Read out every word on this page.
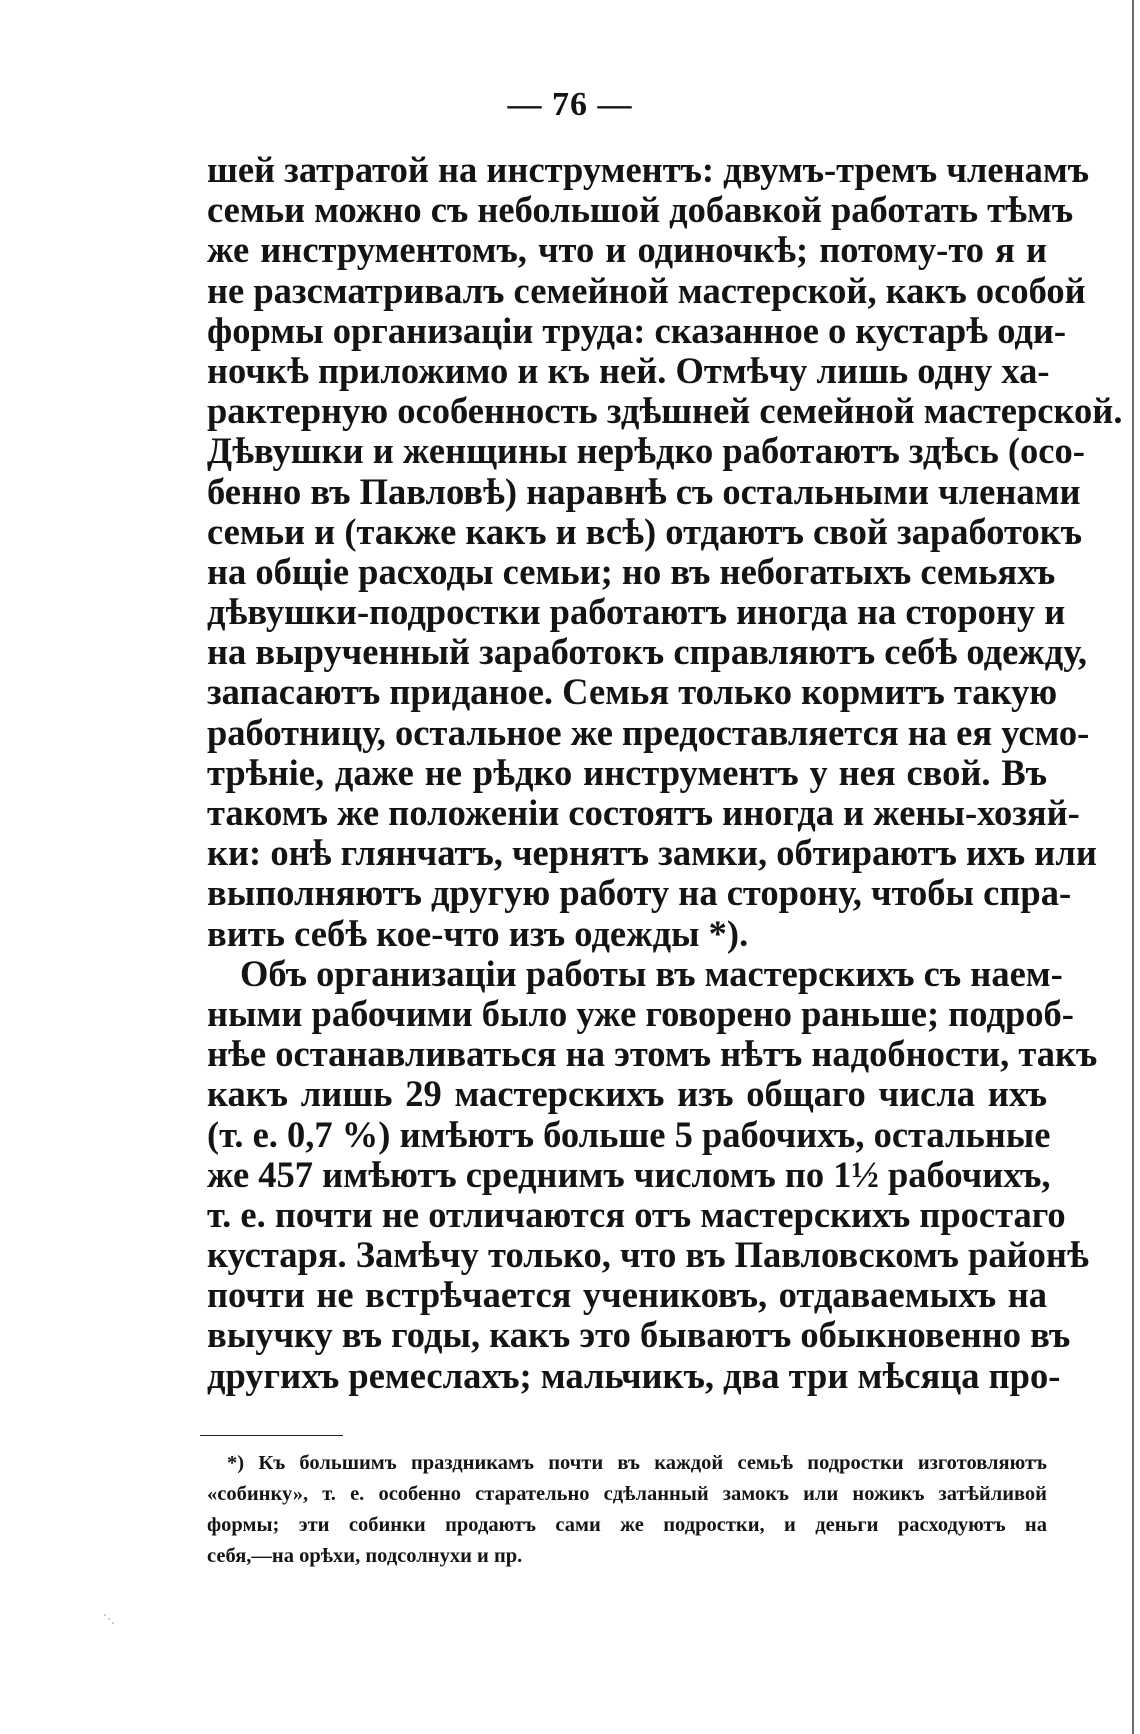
— 76 —
шей затратой на инструментъ: двумъ-тремъ членамъ
семьи можно съ небольшой добавкой работать тѣмъ
же инструментомъ, что и одиночкѣ; потому-то я и
не разсматривалъ семейной мастерской, какъ особой
формы организаціи труда: сказанное о кустарѣ оди-
ночкѣ приложимо и къ ней. Отмѣчу лишь одну ха-
рактерную особенность здѣшней семейной мастерской.
Дѣвушки и женщины нерѣдко работаютъ здѣсь (осо-
бенно въ Павловѣ) наравнѣ съ остальными членами
семьи и (также какъ и всѣ) отдаютъ свой заработокъ
на общіе расходы семьи; но въ небогатыхъ семьяхъ
дѣвушки-подростки работаютъ иногда на сторону и
на вырученный заработокъ справляютъ себѣ одежду,
запасаютъ приданое. Семья только кормитъ такую
работницу, остальное же предоставляется на ея усмо-
трѣніе, даже не рѣдко инструментъ у нея свой. Въ
такомъ же положеніи состоятъ иногда и жены-хозяй-
ки: онѣ глянчатъ, чернятъ замки, обтираютъ ихъ или
выполняютъ другую работу на сторону, чтобы спра-
вить себѣ кое-что изъ одежды *).
Объ организаціи работы въ мастерскихъ съ наем-
ными рабочими было уже говорено раньше; подроб-
нѣе останавливаться на этомъ нѣтъ надобности, такъ
какъ лишь 29 мастерскихъ изъ общаго числа ихъ
(т. е. 0,7 %) имѣютъ больше 5 рабочихъ, остальные
же 457 имѣютъ среднимъ числомъ по 1½ рабочихъ,
т. е. почти не отличаются отъ мастерскихъ простаго
кустаря. Замѣчу только, что въ Павловскомъ районѣ
почти не встрѣчается учениковъ, отдаваемыхъ на
выучку въ годы, какъ это бываютъ обыкновенно въ
другихъ ремеслахъ; мальчикъ, два три мѣсяца про-
*) Къ большимъ праздникамъ почти въ каждой семьѣ подростки изготовляютъ
«собинку», т. е. особенно старательно сдѣланный замокъ или ножикъ затѣйливой
формы; эти собинки продаютъ сами же подростки, и деньги расходуютъ на
себя,—на орѣхи, подсолнухи и пр.
⋱
